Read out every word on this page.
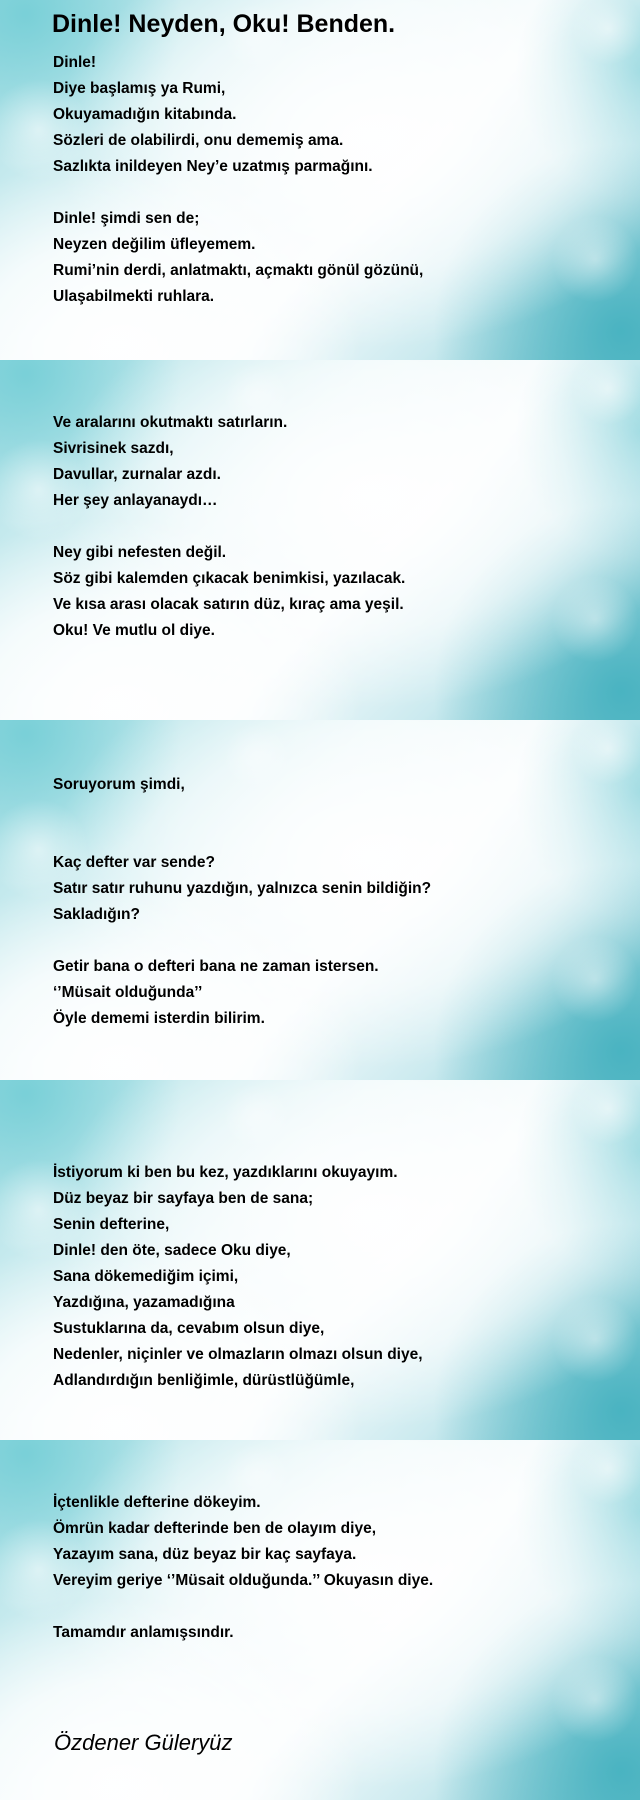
Dinle! Neyden, Oku! Benden.
Dinle!
Diye başlamış ya Rumi,
Okuyamadığın kitabında.
Sözleri de olabilirdi, onu dememiş ama.
Sazlıkta inildeyen Ney’e uzatmış parmağını.
Dinle! şimdi sen de;
Neyzen değilim üfleyemem.
Rumi’nin derdi, anlatmaktı, açmaktı gönül gözünü,
Ulaşabilmekti ruhlara.
Ve aralarını okutmaktı satırların.
Sivrisinek sazdı,
Davullar, zurnalar azdı.
Her şey anlayanaydı…
Ney gibi nefesten değil.
Söz gibi kalemden çıkacak benimkisi, yazılacak.
Ve kısa arası olacak satırın düz, kıraç ama yeşil.
Oku! Ve mutlu ol diye.
Soruyorum şimdi,
Kaç defter var sende?
Satır satır ruhunu yazdığın, yalnızca senin bildiğin?
Sakladığın?
Getir bana o defteri bana ne zaman istersen.
‘’Müsait olduğunda’’
Öyle dememi isterdin bilirim.
İstiyorum ki ben bu kez, yazdıklarını okuyayım.
Düz beyaz bir sayfaya ben de sana;
Senin defterine,
Dinle! den öte, sadece Oku diye,
Sana dökemediğim içimi,
Yazdığına, yazamadığına
Sustuklarına da, cevabım olsun diye,
Nedenler, niçinler ve olmazların olmazı olsun diye,
Adlandırdığın benliğimle, dürüstlüğümle,
İçtenlikle defterine dökeyim.
Ömrün kadar defterinde ben de olayım diye,
Yazayım sana, düz beyaz bir kaç sayfaya.
Vereyim geriye ‘’Müsait olduğunda.’’ Okuyasın diye.
Tamamdır anlamışsındır.
Özdener Güleryüz
